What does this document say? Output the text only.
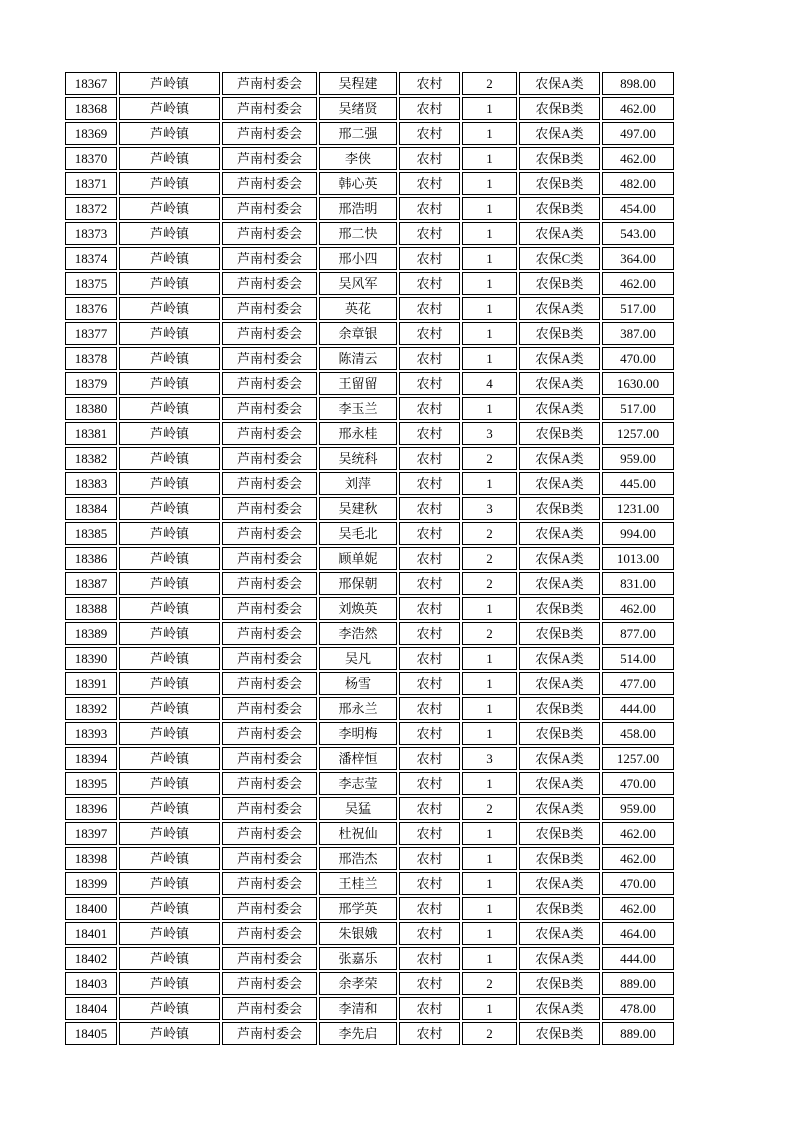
18367	芦岭镇	芦南村委会	吴程建	农村	2	农保A类	898.00
18368	芦岭镇	芦南村委会	吴绪贤	农村	1	农保B类	462.00
18369	芦岭镇	芦南村委会	邢二强	农村	1	农保A类	497.00
18370	芦岭镇	芦南村委会	李侠	农村	1	农保B类	462.00
18371	芦岭镇	芦南村委会	韩心英	农村	1	农保B类	482.00
18372	芦岭镇	芦南村委会	邢浩明	农村	1	农保B类	454.00
18373	芦岭镇	芦南村委会	邢二快	农村	1	农保A类	543.00
18374	芦岭镇	芦南村委会	邢小四	农村	1	农保C类	364.00
18375	芦岭镇	芦南村委会	吴风军	农村	1	农保B类	462.00
18376	芦岭镇	芦南村委会	英花	农村	1	农保A类	517.00
18377	芦岭镇	芦南村委会	余章银	农村	1	农保B类	387.00
18378	芦岭镇	芦南村委会	陈清云	农村	1	农保A类	470.00
18379	芦岭镇	芦南村委会	王留留	农村	4	农保A类	1630.00
18380	芦岭镇	芦南村委会	李玉兰	农村	1	农保A类	517.00
18381	芦岭镇	芦南村委会	邢永桂	农村	3	农保B类	1257.00
18382	芦岭镇	芦南村委会	吴统科	农村	2	农保A类	959.00
18383	芦岭镇	芦南村委会	刘萍	农村	1	农保A类	445.00
18384	芦岭镇	芦南村委会	吴建秋	农村	3	农保B类	1231.00
18385	芦岭镇	芦南村委会	吴毛北	农村	2	农保A类	994.00
18386	芦岭镇	芦南村委会	顾单妮	农村	2	农保A类	1013.00
18387	芦岭镇	芦南村委会	邢保朝	农村	2	农保A类	831.00
18388	芦岭镇	芦南村委会	刘焕英	农村	1	农保B类	462.00
18389	芦岭镇	芦南村委会	李浩然	农村	2	农保B类	877.00
18390	芦岭镇	芦南村委会	吴凡	农村	1	农保A类	514.00
18391	芦岭镇	芦南村委会	杨雪	农村	1	农保A类	477.00
18392	芦岭镇	芦南村委会	邢永兰	农村	1	农保B类	444.00
18393	芦岭镇	芦南村委会	李明梅	农村	1	农保B类	458.00
18394	芦岭镇	芦南村委会	潘梓恒	农村	3	农保A类	1257.00
18395	芦岭镇	芦南村委会	李志莹	农村	1	农保A类	470.00
18396	芦岭镇	芦南村委会	吴猛	农村	2	农保A类	959.00
18397	芦岭镇	芦南村委会	杜祝仙	农村	1	农保B类	462.00
18398	芦岭镇	芦南村委会	邢浩杰	农村	1	农保B类	462.00
18399	芦岭镇	芦南村委会	王桂兰	农村	1	农保A类	470.00
18400	芦岭镇	芦南村委会	邢学英	农村	1	农保B类	462.00
18401	芦岭镇	芦南村委会	朱银娥	农村	1	农保A类	464.00
18402	芦岭镇	芦南村委会	张嘉乐	农村	1	农保A类	444.00
18403	芦岭镇	芦南村委会	余孝荣	农村	2	农保B类	889.00
18404	芦岭镇	芦南村委会	李清和	农村	1	农保A类	478.00
18405	芦岭镇	芦南村委会	李先启	农村	2	农保B类	889.00
